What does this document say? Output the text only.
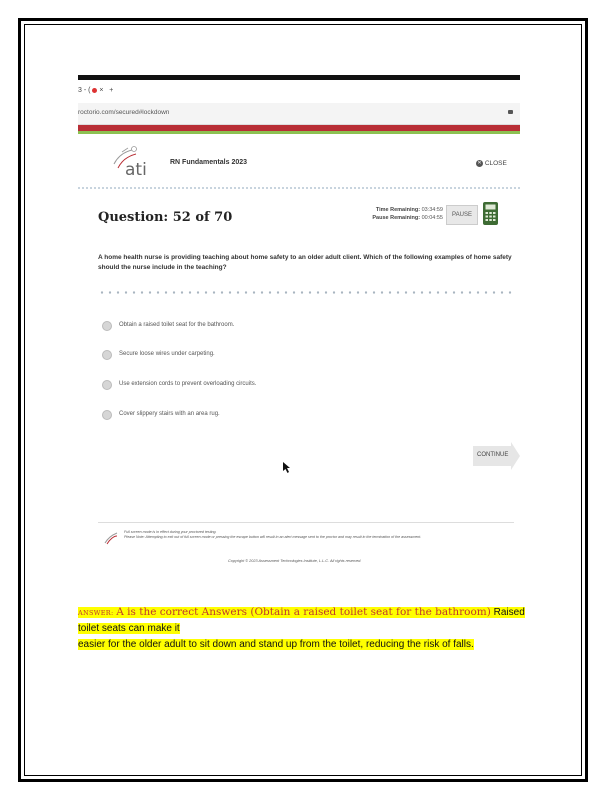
3 - ( × +
roctorio.com/secured#lockdown
ati	RN Fundamentals 2023	✕ CLOSE
Question: 52 of 70	Time Remaining: 03:34:59
Pause Remaining: 00:04:55	PAUSE
A home health nurse is providing teaching about home safety to an older adult client. Which of the following examples of home safety should the nurse include in the teaching?
Obtain a raised toilet seat for the bathroom.
Secure loose wires under carpeting.
Use extension cords to prevent overloading circuits.
Cover slippery stairs with an area rug.
CONTINUE
Full screen mode is in effect during your proctored testing.
Please Note: Attempting to exit out of full screen mode or pressing the escape button will result in an alert message sent to the proctor and may result in the termination of the assessment.
Copyright © 2023 Assessment Technologies Institute, L.L.C. All rights reserved.
ANSWER: A is the correct Answers (Obtain a raised toilet seat for the bathroom) Raised toilet seats can make it
easier for the older adult to sit down and stand up from the toilet, reducing the risk of falls.
